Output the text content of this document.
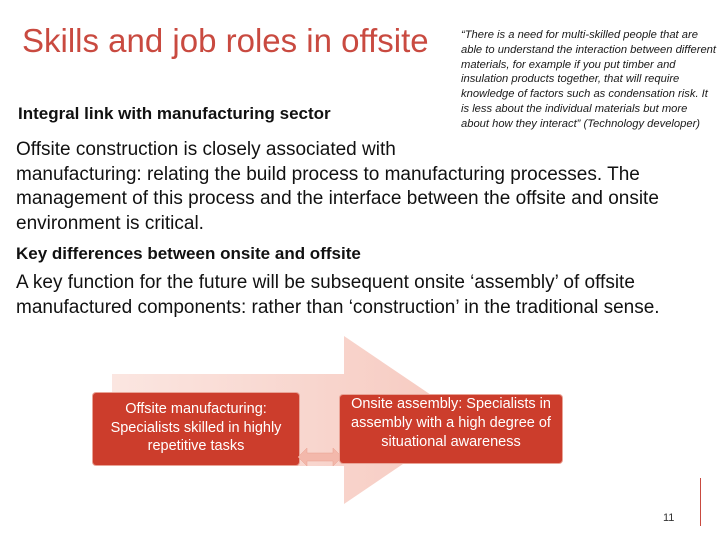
Skills and job roles in offsite	“There is a need for multi-skilled people that are able to understand the interaction between different materials, for example if you put timber and insulation products together, that will require knowledge of factors such as condensation risk. It is less about the individual materials but more about how they interact” (Technology developer)
Integral link with manufacturing sector
Offsite construction is closely associated with
manufacturing: relating the build process to manufacturing processes. The management of this process and the interface between the offsite and onsite environment is critical.
Key differences between onsite and offsite
A key function for the future will be subsequent onsite ‘assembly’ of offsite manufactured components: rather than ‘construction’ in the traditional sense.
Offsite manufacturing: Specialists skilled in highly repetitive tasks
Onsite assembly: Specialists in assembly with a high degree of situational awareness
11
